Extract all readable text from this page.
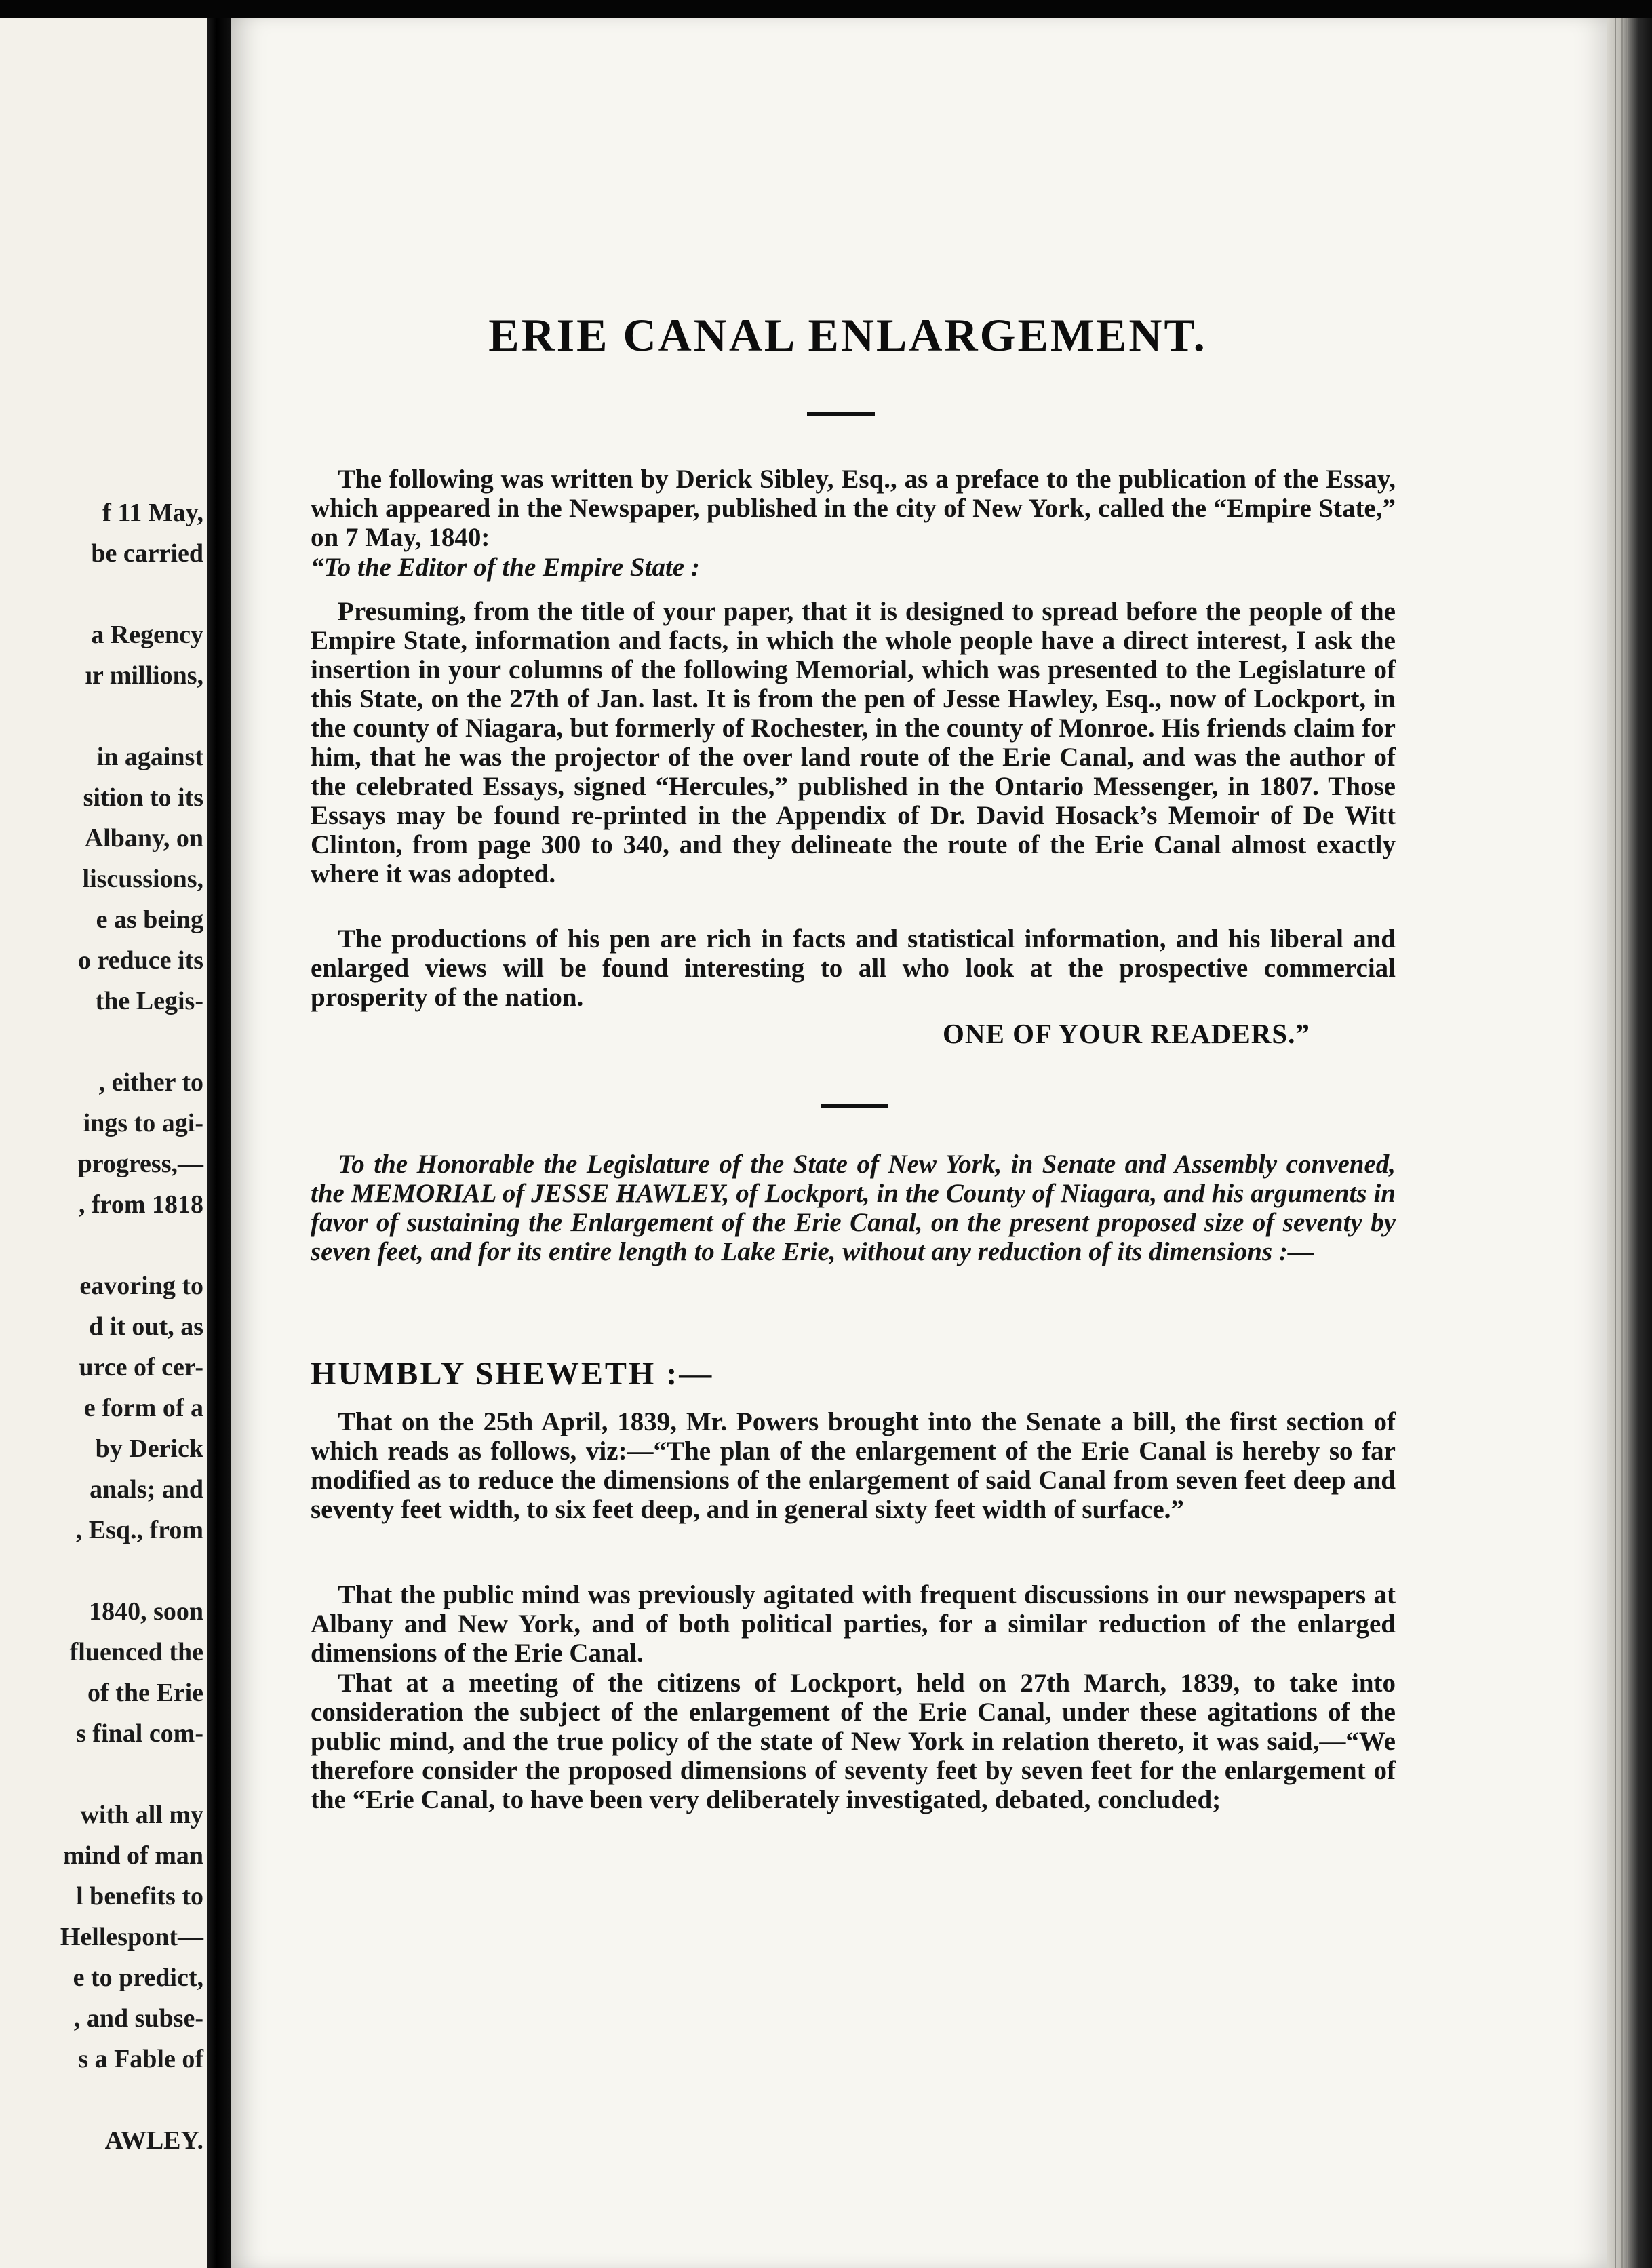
f 11 May,
be carried
a Regency
ır millions,
in against
sition to its
Albany, on
liscussions,
e as being
o reduce its
the Legis-
, either to
ings to agi-
progress,—
, from 1818
eavoring to
d it out, as
urce of cer-
e form of a
by Derick
anals; and
, Esq., from
1840, soon
fluenced the
of the Erie
s final com-
with all my
mind of man
l benefits to
Hellespont—
e to predict,
, and subse-
s a Fable of
AWLEY.
ERIE CANAL ENLARGEMENT.
The following was written by Derick Sibley, Esq., as a preface to the publication of the Essay, which appeared in the Newspaper, published in the city of New York, called the “Empire State,” on 7 May, 1840:
“To the Editor of the Empire State :
Presuming, from the title of your paper, that it is designed to spread before the people of the Empire State, information and facts, in which the whole people have a direct interest, I ask the insertion in your columns of the following Memorial, which was presented to the Legislature of this State, on the 27th of Jan. last. It is from the pen of Jesse Hawley, Esq., now of Lockport, in the county of Niagara, but formerly of Rochester, in the county of Monroe. His friends claim for him, that he was the projector of the over land route of the Erie Canal, and was the author of the celebrated Essays, signed “Hercules,” published in the Ontario Messenger, in 1807. Those Essays may be found re-printed in the Appendix of Dr. David Hosack’s Memoir of De Witt Clinton, from page 300 to 340, and they delineate the route of the Erie Canal almost exactly where it was adopted.
The productions of his pen are rich in facts and statistical information, and his liberal and enlarged views will be found interesting to all who look at the prospective commercial prosperity of the nation.
ONE OF YOUR READERS.”
To the Honorable the Legislature of the State of New York, in Senate and Assembly convened, the MEMORIAL of JESSE HAWLEY, of Lockport, in the County of Niagara, and his arguments in favor of sustaining the Enlargement of the Erie Canal, on the present proposed size of seventy by seven feet, and for its entire length to Lake Erie, without any reduction of its dimensions :—
HUMBLY SHEWETH :—
That on the 25th April, 1839, Mr. Powers brought into the Senate a bill, the first section of which reads as follows, viz:—“The plan of the enlargement of the Erie Canal is hereby so far modified as to reduce the dimensions of the enlargement of said Canal from seven feet deep and seventy feet width, to six feet deep, and in general sixty feet width of surface.”
That the public mind was previously agitated with frequent discussions in our newspapers at Albany and New York, and of both political parties, for a similar reduction of the enlarged dimensions of the Erie Canal.
That at a meeting of the citizens of Lockport, held on 27th March, 1839, to take into consideration the subject of the enlargement of the Erie Canal, under these agitations of the public mind, and the true policy of the state of New York in relation thereto, it was said,—“We therefore consider the proposed dimensions of seventy feet by seven feet for the enlargement of the “Erie Canal, to have been very deliberately investigated, debated, concluded;
